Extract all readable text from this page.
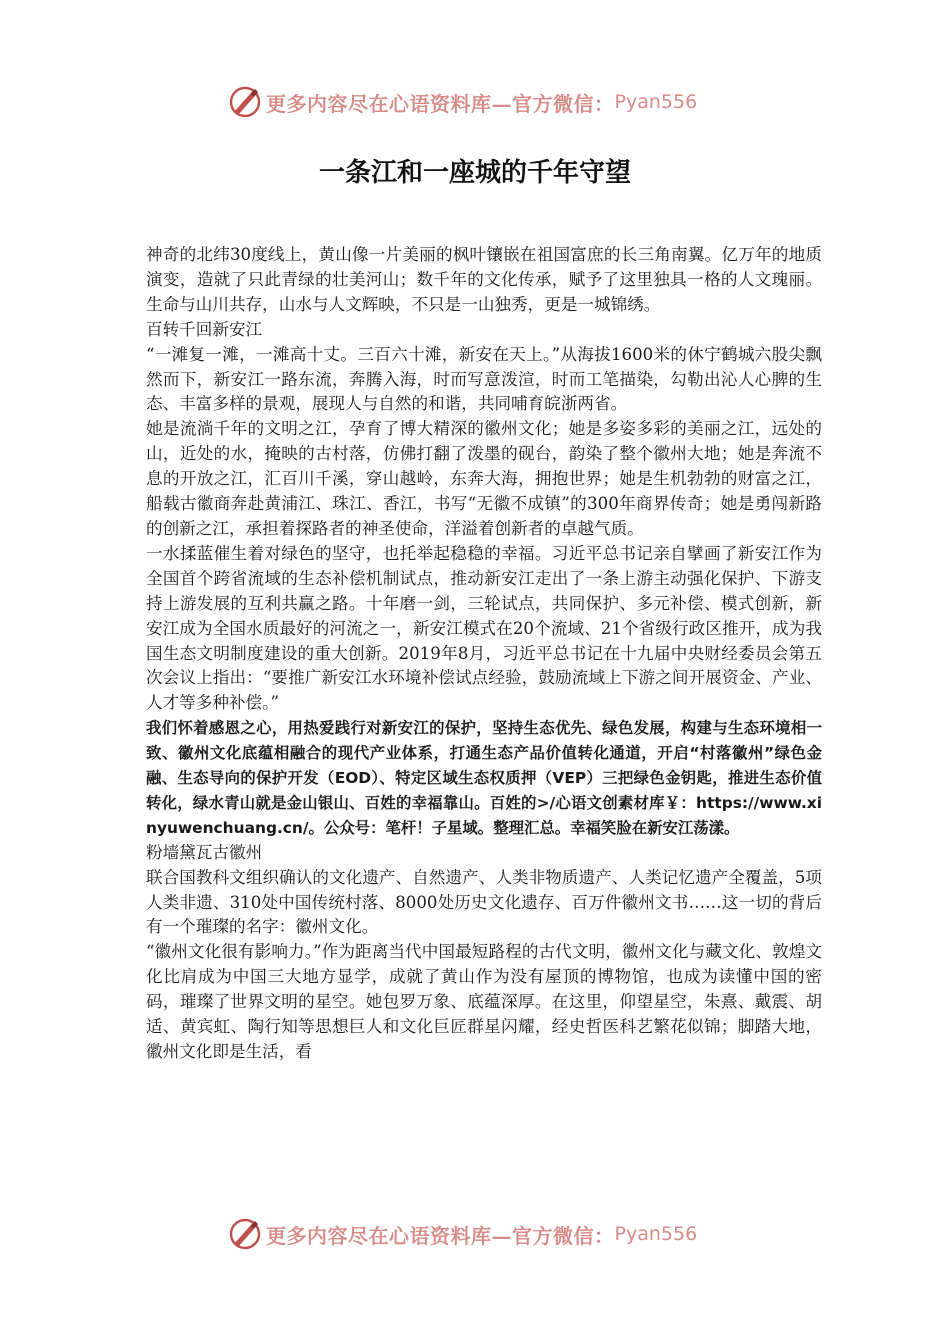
更多内容尽在心语资料库—官方微信： Pyan556
一条江和一座城的千年守望

神奇的北纬30度线上，黄山像一片美丽的枫叶镶嵌在祖国富庶的长三角南翼。亿万年的地质演变，造就了只此青绿的壮美河山；数千年的文化传承，赋予了这里独具一格的人文瑰丽。生命与山川共存，山水与人文辉映，不只是一山独秀，更是一城锦绣。

百转千回新安江

“一滩复一滩，一滩高十丈。三百六十滩，新安在天上。”从海拔1600米的休宁鹤城六股尖飘然而下，新安江一路东流，奔腾入海，时而写意泼渲，时而工笔描染，勾勒出沁人心脾的生态、丰富多样的景观，展现人与自然的和谐，共同哺育皖浙两省。

她是流淌千年的文明之江，孕育了博大精深的徽州文化；她是多姿多彩的美丽之江，远处的山，近处的水，掩映的古村落，仿佛打翻了泼墨的砚台，韵染了整个徽州大地；她是奔流不息的开放之江，汇百川千溪，穿山越岭，东奔大海，拥抱世界；她是生机勃勃的财富之江，船载古徽商奔赴黄浦江、珠江、香江，书写“无徽不成镇”的300年商界传奇；她是勇闯新路的创新之江，承担着探路者的神圣使命，洋溢着创新者的卓越气质。

一水揉蓝催生着对绿色的坚守，也托举起稳稳的幸福。习近平总书记亲自擘画了新安江作为全国首个跨省流域的生态补偿机制试点，推动新安江走出了一条上游主动强化保护、下游支持上游发展的互利共赢之路。十年磨一剑，三轮试点，共同保护、多元补偿、模式创新，新安江成为全国水质最好的河流之一，新安江模式在20个流域、21个省级行政区推开，成为我国生态文明制度建设的重大创新。2019年8月，习近平总书记在十九届中央财经委员会第五次会议上指出：“要推广新安江水环境补偿试点经验，鼓励流域上下游之间开展资金、产业、人才等多种补偿。”

我们怀着感恩之心，用热爱践行对新安江的保护，坚持生态优先、绿色发展，构建与生态环境相一致、徽州文化底蕴相融合的现代产业体系，打通生态产品价值转化通道，开启“村落徽州”绿色金融、生态导向的保护开发（EOD）、特定区域生态权质押（VEP）三把绿色金钥匙，推进生态价值转化，绿水青山就是金山银山、百姓的幸福靠山。百姓的>/心语文创素材库￥：https://www.xinyuwenchuang.cn/。公众号：笔杆！子星域。整理汇总。幸福笑脸在新安江荡漾。

粉墙黛瓦古徽州

联合国教科文组织确认的文化遗产、自然遗产、人类非物质遗产、人类记忆遗产全覆盖，5项人类非遗、310处中国传统村落、8000处历史文化遗存、百万件徽州文书……这一切的背后有一个璀璨的名字：徽州文化。

“徽州文化很有影响力。”作为距离当代中国最短路程的古代文明，徽州文化与藏文化、敦煌文化比肩成为中国三大地方显学，成就了黄山作为没有屋顶的博物馆，也成为读懂中国的密码，璀璨了世界文明的星空。她包罗万象、底蕴深厚。在这里，仰望星空，朱熹、戴震、胡适、黄宾虹、陶行知等思想巨人和文化巨匠群星闪耀，经史哲医科艺繁花似锦；脚踏大地，徽州文化即是生活，看

更多内容尽在心语资料库—官方微信： Pyan556
